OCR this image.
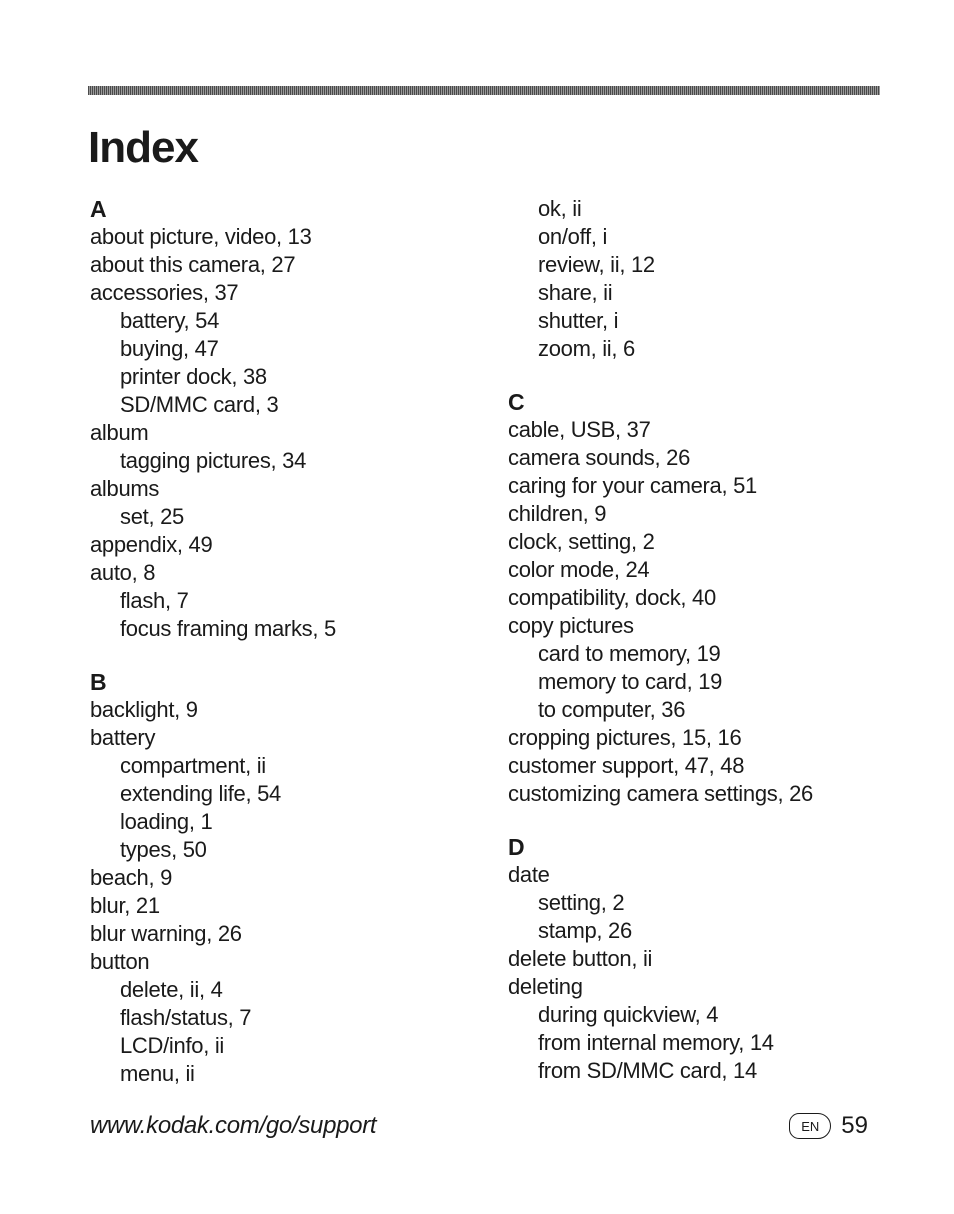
Index
A
about picture, video, 13
about this camera, 27
accessories, 37
battery, 54
buying, 47
printer dock, 38
SD/MMC card, 3
album
tagging pictures, 34
albums
set, 25
appendix, 49
auto, 8
flash, 7
focus framing marks, 5
B
backlight, 9
battery
compartment, ii
extending life, 54
loading, 1
types, 50
beach, 9
blur, 21
blur warning, 26
button
delete, ii, 4
flash/status, 7
LCD/info, ii
menu, ii
ok, ii
on/off, i
review, ii, 12
share, ii
shutter, i
zoom, ii, 6
C
cable, USB, 37
camera sounds, 26
caring for your camera, 51
children, 9
clock, setting, 2
color mode, 24
compatibility, dock, 40
copy pictures
card to memory, 19
memory to card, 19
to computer, 36
cropping pictures, 15, 16
customer support, 47, 48
customizing camera settings, 26
D
date
setting, 2
stamp, 26
delete button, ii
deleting
during quickview, 4
from internal memory, 14
from SD/MMC card, 14
www.kodak.com/go/support	EN 59
